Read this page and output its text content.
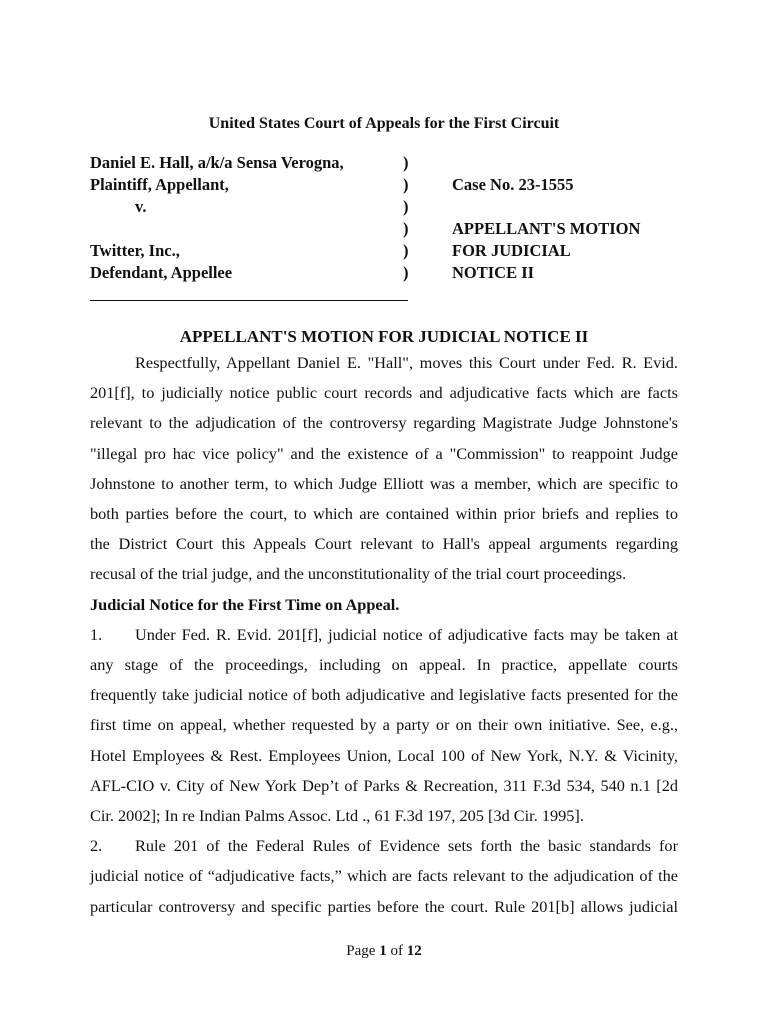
United States Court of Appeals for the First Circuit
Daniel E. Hall, a/k/a Sensa Verogna,
Plaintiff, Appellant,
v.
Twitter, Inc.,
Defendant, Appellee
)
)
)
)
)
)
Case No. 23-1555
APPELLANT'S MOTION
FOR JUDICIAL
NOTICE II
APPELLANT'S MOTION FOR JUDICIAL NOTICE II

Respectfully, Appellant Daniel E. "Hall", moves this Court under Fed. R. Evid.

201[f], to judicially notice public court records and adjudicative facts which are facts

relevant to the adjudication of the controversy regarding Magistrate Judge Johnstone's

"illegal pro hac vice policy" and the existence of a "Commission" to reappoint Judge

Johnstone to another term, to which Judge Elliott was a member, which are specific to

both parties before the court, to which are contained within prior briefs and replies to

the District Court this Appeals Court relevant to Hall's appeal arguments regarding

recusal of the trial judge, and the unconstitutionality of the trial court proceedings.

Judicial Notice for the First Time on Appeal.

1. Under Fed. R. Evid. 201[f], judicial notice of adjudicative facts may be taken at

any stage of the proceedings, including on appeal. In practice, appellate courts

frequently take judicial notice of both adjudicative and legislative facts presented for the

first time on appeal, whether requested by a party or on their own initiative. See, e.g.,

Hotel Employees & Rest. Employees Union, Local 100 of New York, N.Y. & Vicinity,

AFL-CIO v. City of New York Dep’t of Parks & Recreation, 311 F.3d 534, 540 n.1 [2d

Cir. 2002]; In re Indian Palms Assoc. Ltd ., 61 F.3d 197, 205 [3d Cir. 1995].

2. Rule 201 of the Federal Rules of Evidence sets forth the basic standards for

judicial notice of “adjudicative facts,” which are facts relevant to the adjudication of the

particular controversy and specific parties before the court. Rule 201[b] allows judicial

Page 1 of 12
